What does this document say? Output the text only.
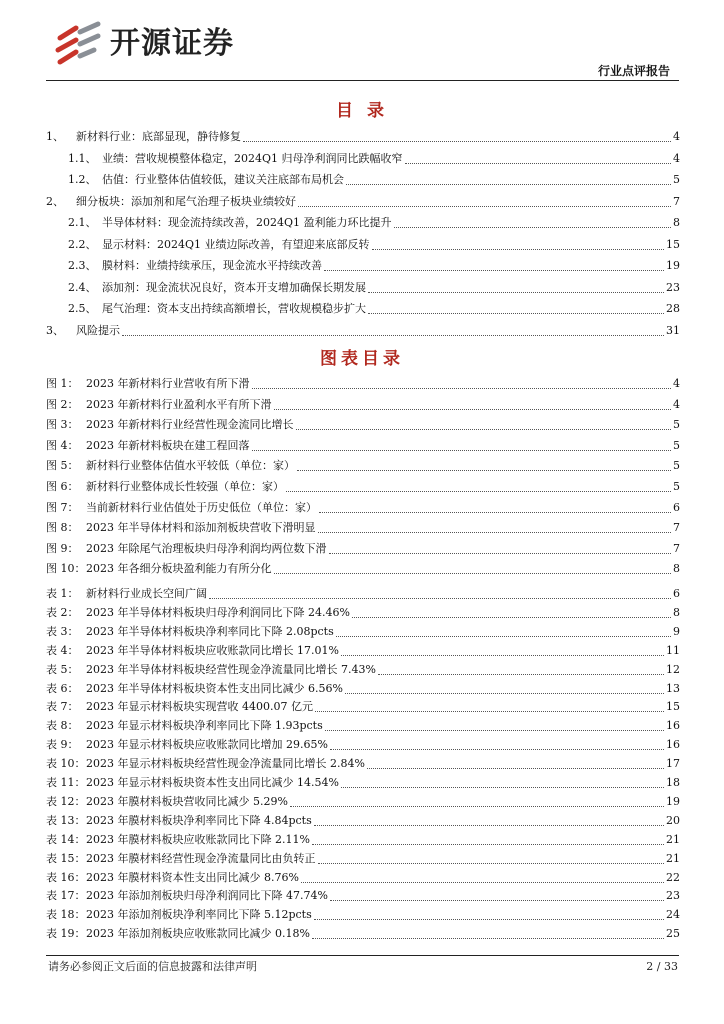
开源证券
行业点评报告
目 录
1、	新材料行业：底部显现，静待修复	4
1.1、 业绩：营收规模整体稳定，2024Q1 归母净利润同比跌幅收窄	4
1.2、 估值：行业整体估值较低，建议关注底部布局机会	5
2、	细分板块：添加剂和尾气治理子板块业绩较好	7
2.1、 半导体材料：现金流持续改善，2024Q1 盈利能力环比提升	8
2.2、 显示材料：2024Q1 业绩边际改善，有望迎来底部反转	15
2.3、 膜材料：业绩持续承压，现金流水平持续改善	19
2.4、 添加剂：现金流状况良好，资本开支增加确保长期发展	23
2.5、 尾气治理：资本支出持续高额增长，营收规模稳步扩大	28
3、	风险提示	31
图表目录
图 1： 2023 年新材料行业营收有所下滑	4
图 2： 2023 年新材料行业盈利水平有所下滑	4
图 3： 2023 年新材料行业经营性现金流同比增长	5
图 4： 2023 年新材料板块在建工程回落	5
图 5： 新材料行业整体估值水平较低（单位：家）	5
图 6： 新材料行业整体成长性较强（单位：家）	5
图 7： 当前新材料行业估值处于历史低位（单位：家）	6
图 8： 2023 年半导体材料和添加剂板块营收下滑明显	7
图 9： 2023 年除尾气治理板块归母净利润均两位数下滑	7
图 10： 2023 年各细分板块盈利能力有所分化	8
表 1： 新材料行业成长空间广阔	6
表 2： 2023 年半导体材料板块归母净利润同比下降 24.46%	8
表 3： 2023 年半导体材料板块净利率同比下降 2.08pcts	9
表 4： 2023 年半导体材料板块应收账款同比增长 17.01%	11
表 5： 2023 年半导体材料板块经营性现金净流量同比增长 7.43%	12
表 6： 2023 年半导体材料板块资本性支出同比减少 6.56%	13
表 7： 2023 年显示材料板块实现营收 4400.07 亿元	15
表 8： 2023 年显示材料板块净利率同比下降 1.93pcts	16
表 9： 2023 年显示材料板块应收账款同比增加 29.65%	16
表 10： 2023 年显示材料板块经营性现金净流量同比增长 2.84%	17
表 11： 2023 年显示材料板块资本性支出同比减少 14.54%	18
表 12： 2023 年膜材料板块营收同比减少 5.29%	19
表 13： 2023 年膜材料板块净利率同比下降 4.84pcts	20
表 14： 2023 年膜材料板块应收账款同比下降 2.11%	21
表 15： 2023 年膜材料经营性现金净流量同比由负转正	21
表 16： 2023 年膜材料资本性支出同比减少 8.76%	22
表 17： 2023 年添加剂板块归母净利润同比下降 47.74%	23
表 18： 2023 年添加剂板块净利率同比下降 5.12pcts	24
表 19： 2023 年添加剂板块应收账款同比减少 0.18%	25
请务必参阅正文后面的信息披露和法律声明	2 / 33
